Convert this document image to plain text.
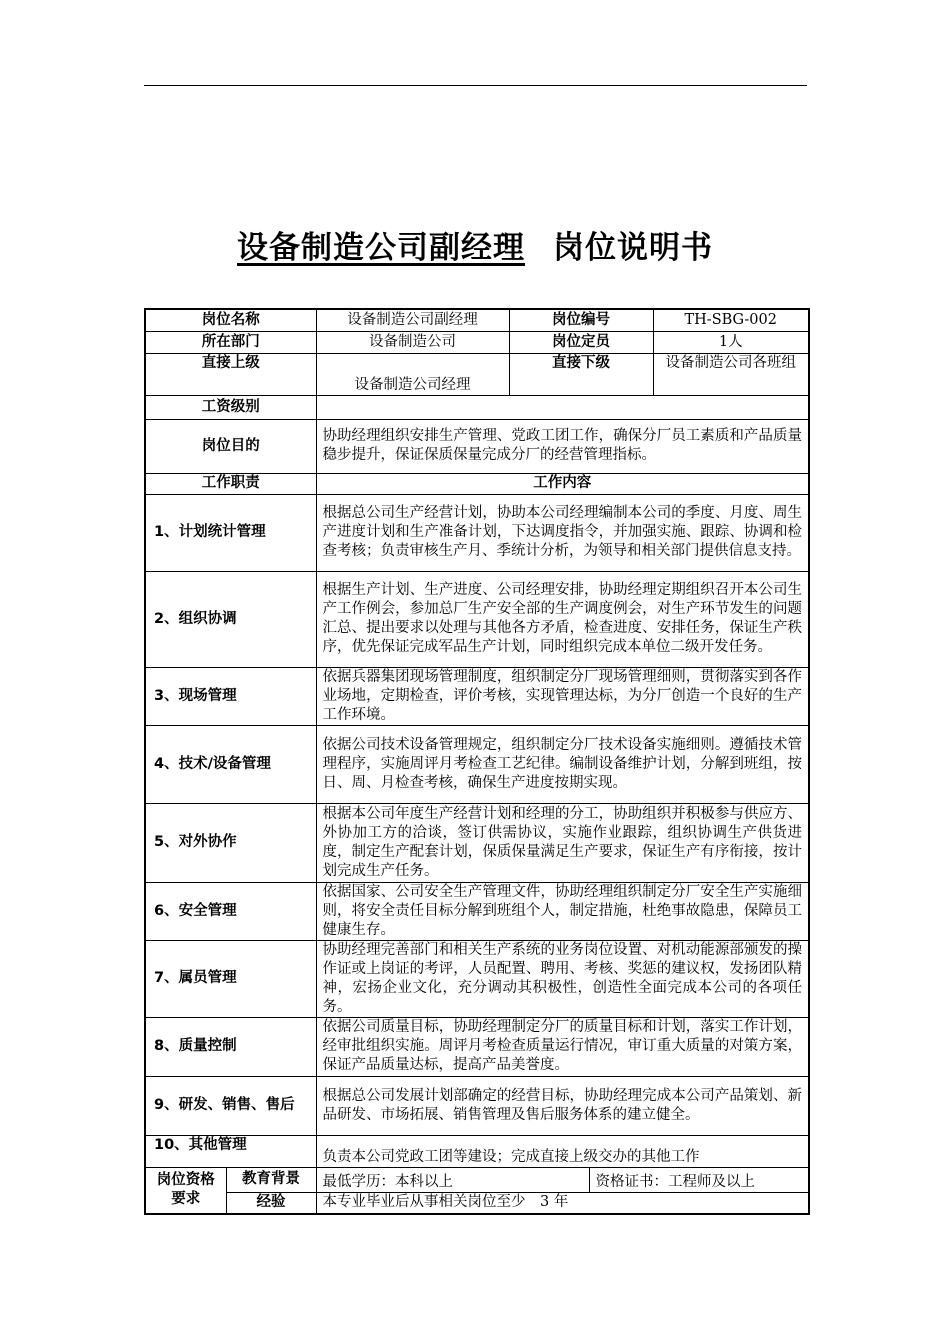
设备制造公司副经理 岗位说明书
岗位名称		设备制造公司副经理	岗位编号		TH-SBG-002
所在部门		设备制造公司	岗位定员		1人
直接上级		设备制造公司经理	直接下级		设备制造公司各班组
工资级别					
岗位目的		协助经理组织安排生产管理、党政工团工作，确保分厂员工素质和产品质量稳步提升，保证保质保量完成分厂的经营管理指标。			
工作职责		工作内容			
1、计划统计管理		根据总公司生产经营计划，协助本公司经理编制本公司的季度、月度、周生产进度计划和生产准备计划，下达调度指令，并加强实施、跟踪、协调和检查考核；负责审核生产月、季统计分析，为领导和相关部门提供信息支持。			
2、组织协调		根据生产计划、生产进度、公司经理安排，协助经理定期组织召开本公司生产工作例会，参加总厂生产安全部的生产调度例会，对生产环节发生的问题汇总、提出要求以处理与其他各方矛盾，检查进度、安排任务，保证生产秩序，优先保证完成军品生产计划，同时组织完成本单位二级开发任务。			
3、现场管理		依据兵器集团现场管理制度，组织制定分厂现场管理细则，贯彻落实到各作业场地，定期检查，评价考核，实现管理达标，为分厂创造一个良好的生产工作环境。			
4、技术/设备管理		依据公司技术设备管理规定，组织制定分厂技术设备实施细则。遵循技术管理程序，实施周评月考检查工艺纪律。编制设备维护计划，分解到班组，按日、周、月检查考核，确保生产进度按期实现。			
5、对外协作		根据本公司年度生产经营计划和经理的分工，协助组织并积极参与供应方、外协加工方的洽谈，签订供需协议，实施作业跟踪，组织协调生产供货进度，制定生产配套计划，保质保量满足生产要求，保证生产有序衔接，按计划完成生产任务。			
6、安全管理		依据国家、公司安全生产管理文件，协助经理组织制定分厂安全生产实施细则，将安全责任目标分解到班组个人，制定措施，杜绝事故隐患，保障员工健康生存。			
7、属员管理		协助经理完善部门和相关生产系统的业务岗位设置、对机动能源部颁发的操作证或上岗证的考评，人员配置、聘用、考核、奖惩的建议权，发扬团队精神，宏扬企业文化，充分调动其积极性，创造性全面完成本公司的各项任务。			
8、质量控制		依据公司质量目标，协助经理制定分厂的质量目标和计划，落实工作计划，经审批组织实施。周评月考检查质量运行情况，审订重大质量的对策方案，保证产品质量达标，提高产品美誉度。			
9、研发、销售、售后		根据总公司发展计划部确定的经营目标，协助经理完成本公司产品策划、新品研发、市场拓展、销售管理及售后服务体系的建立健全。			
10、其他管理		负责本公司党政工团等建设；完成直接上级交办的其他工作			
岗位资格要求	教育背景	最低学历：本科以上		资格证书：工程师及以上	
	经验	本专业毕业后从事相关岗位至少　3 年			
